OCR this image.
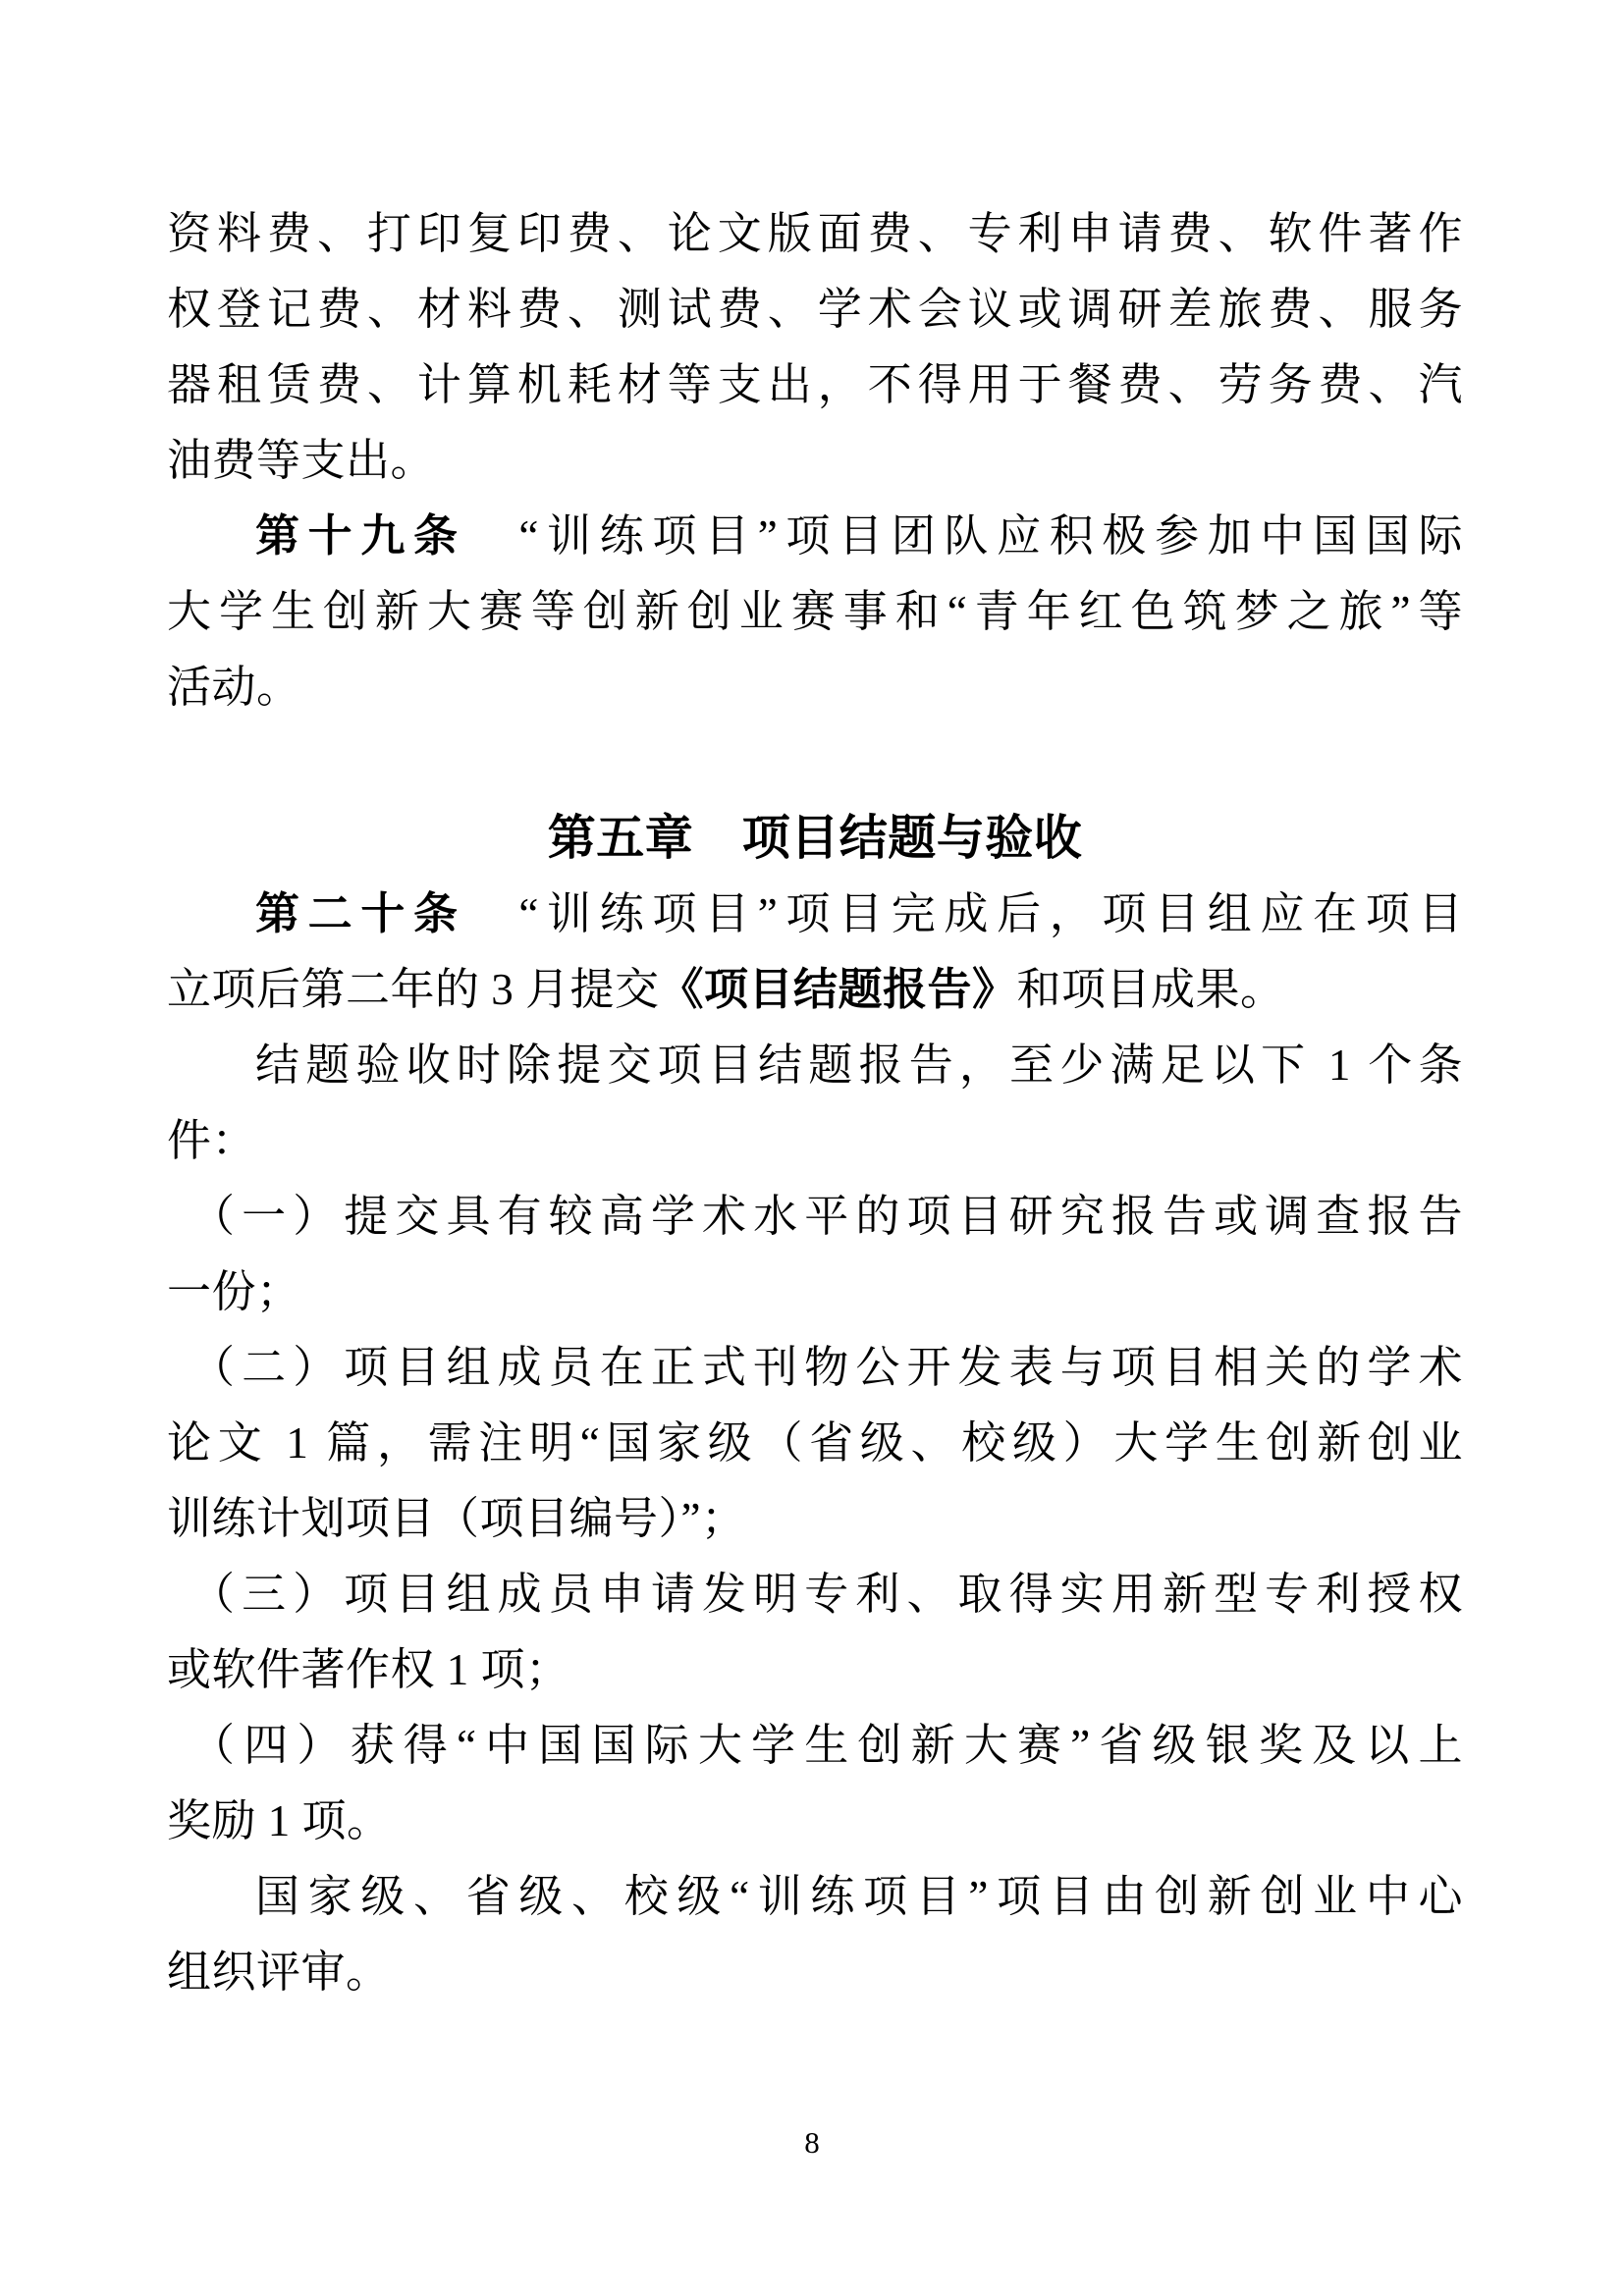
资料费、打印复印费、论文版面费、专利申请费、软件著作
权登记费、材料费、测试费、学术会议或调研差旅费、服务
器租赁费、计算机耗材等支出，不得用于餐费、劳务费、汽
油费等支出。
第十九条　“训练项目”项目团队应积极参加中国国际
大学生创新大赛等创新创业赛事和“青年红色筑梦之旅”等
活动。
第五章　项目结题与验收
第二十条　“训练项目”项目完成后，项目组应在项目
立项后第二年的 3 月提交《项目结题报告》和项目成果。
结题验收时除提交项目结题报告，至少满足以下 1 个条
件：
（一）提交具有较高学术水平的项目研究报告或调查报告
一份；
（二）项目组成员在正式刊物公开发表与项目相关的学术
论文 1 篇，需注明“国家级（省级、校级）大学生创新创业
训练计划项目（项目编号）”；
（三）项目组成员申请发明专利、取得实用新型专利授权
或软件著作权 1 项；
（四）获得“中国国际大学生创新大赛”省级银奖及以上
奖励 1 项。
国家级、省级、校级“训练项目”项目由创新创业中心
组织评审。
8
